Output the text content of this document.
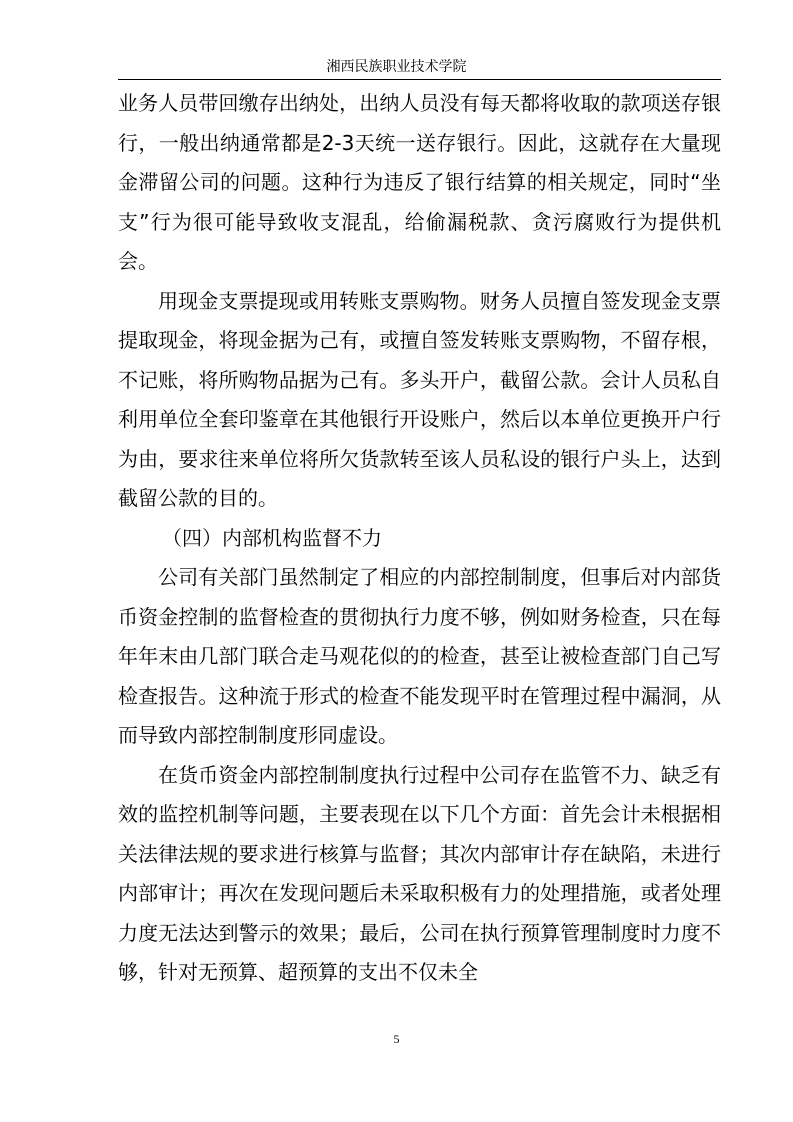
湘西民族职业技术学院

业务人员带回缴存出纳处，出纳人员没有每天都将收取的款项送存银行，一般出纳通常都是2-3天统一送存银行。因此，这就存在大量现金滞留公司的问题。这种行为违反了银行结算的相关规定，同时“坐支”行为很可能导致收支混乱，给偷漏税款、贪污腐败行为提供机会。

用现金支票提现或用转账支票购物。财务人员擅自签发现金支票提取现金，将现金据为己有，或擅自签发转账支票购物，不留存根，不记账，将所购物品据为己有。多头开户，截留公款。会计人员私自利用单位全套印鉴章在其他银行开设账户，然后以本单位更换开户行为由，要求往来单位将所欠货款转至该人员私设的银行户头上，达到截留公款的目的。

（四）内部机构监督不力

公司有关部门虽然制定了相应的内部控制制度，但事后对内部货币资金控制的监督检查的贯彻执行力度不够，例如财务检查，只在每年年末由几部门联合走马观花似的的检查，甚至让被检查部门自己写检查报告。这种流于形式的检查不能发现平时在管理过程中漏洞，从而导致内部控制制度形同虚设。

在货币资金内部控制制度执行过程中公司存在监管不力、缺乏有效的监控机制等问题，主要表现在以下几个方面：首先会计未根据相关法律法规的要求进行核算与监督；其次内部审计存在缺陷，未进行内部审计；再次在发现问题后未采取积极有力的处理措施，或者处理力度无法达到警示的效果；最后，公司在执行预算管理制度时力度不够，针对无预算、超预算的支出不仅未全

5
